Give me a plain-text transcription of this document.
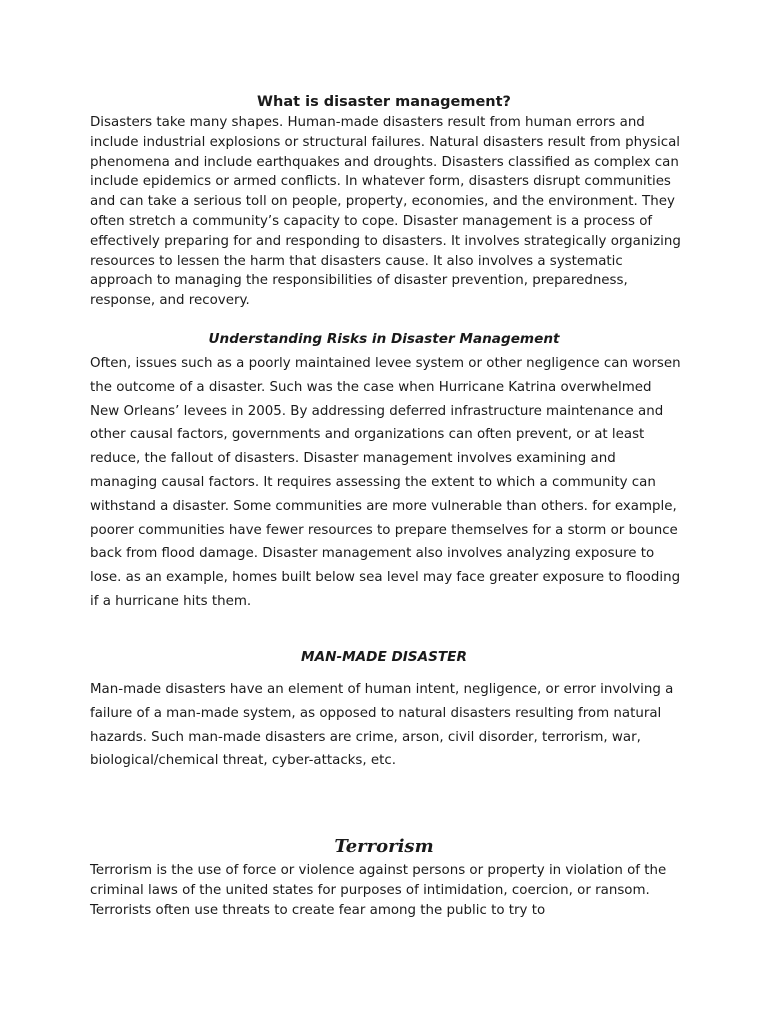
What is disaster management?

Disasters take many shapes. Human-made disasters result from human errors and include industrial explosions or structural failures. Natural disasters result from physical phenomena and include earthquakes and droughts. Disasters classified as complex can include epidemics or armed conflicts. In whatever form, disasters disrupt communities and can take a serious toll on people, property, economies, and the environment. They often stretch a community’s capacity to cope. Disaster management is a process of effectively preparing for and responding to disasters. It involves strategically organizing resources to lessen the harm that disasters cause. It also involves a systematic approach to managing the responsibilities of disaster prevention, preparedness, response, and recovery.

Understanding Risks in Disaster Management

Often, issues such as a poorly maintained levee system or other negligence can worsen the outcome of a disaster. Such was the case when Hurricane Katrina overwhelmed New Orleans’ levees in 2005. By addressing deferred infrastructure maintenance and other causal factors, governments and organizations can often prevent, or at least reduce, the fallout of disasters. Disaster management involves examining and managing causal factors. It requires assessing the extent to which a community can withstand a disaster. Some communities are more vulnerable than others. for example, poorer communities have fewer resources to prepare themselves for a storm or bounce back from flood damage. Disaster management also involves analyzing exposure to lose. as an example, homes built below sea level may face greater exposure to flooding if a hurricane hits them.

MAN-MADE DISASTER

Man-made disasters have an element of human intent, negligence, or error involving a failure of a man-made system, as opposed to natural disasters resulting from natural hazards. Such man-made disasters are crime, arson, civil disorder, terrorism, war, biological/chemical threat, cyber-attacks, etc.

Terrorism

Terrorism is the use of force or violence against persons or property in violation of the criminal laws of the united states for purposes of intimidation, coercion, or ransom. Terrorists often use threats to create fear among the public to try to
